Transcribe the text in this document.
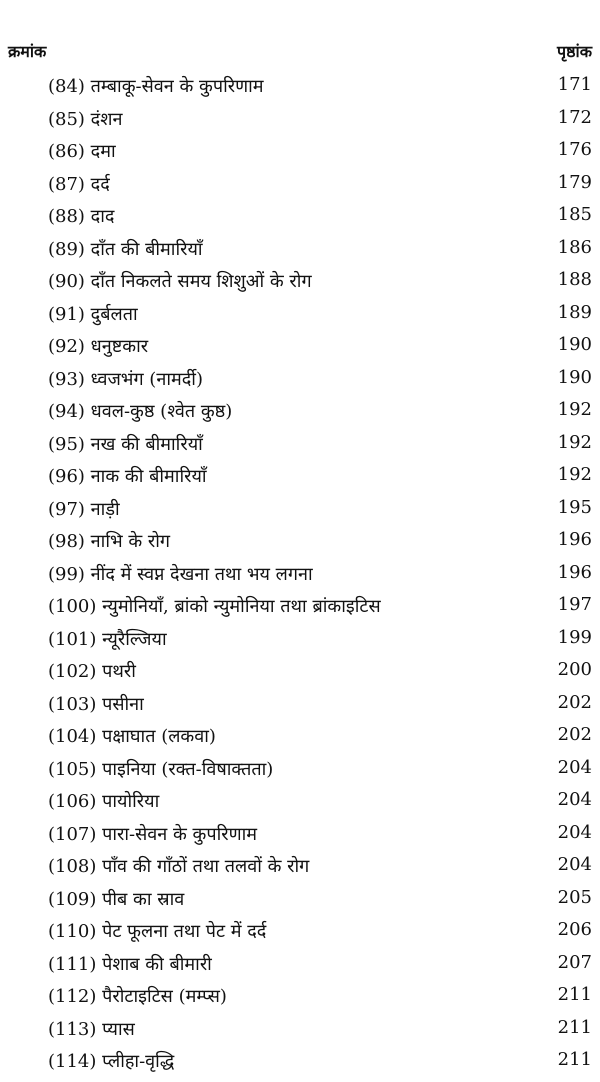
क्रमांक	पृष्ठांक
(84) तम्बाकू-सेवन के कुपरिणाम	171
(85) दंशन	172
(86) दमा	176
(87) दर्द	179
(88) दाद	185
(89) दाँत की बीमारियाँ	186
(90) दाँत निकलते समय शिशुओं के रोग	188
(91) दुर्बलता	189
(92) धनुष्टकार	190
(93) ध्वजभंग (नामर्दी)	190
(94) धवल-कुष्ठ (श्वेत कुष्ठ)	192
(95) नख की बीमारियाँ	192
(96) नाक की बीमारियाँ	192
(97) नाड़ी	195
(98) नाभि के रोग	196
(99) नींद में स्वप्न देखना तथा भय लगना	196
(100) न्युमोनियाँ, ब्रांको न्युमोनिया तथा ब्रांकाइटिस	197
(101) न्यूरैल्जिया	199
(102) पथरी	200
(103) पसीना	202
(104) पक्षाघात (लकवा)	202
(105) पाइनिया (रक्त-विषाक्तता)	204
(106) पायोरिया	204
(107) पारा-सेवन के कुपरिणाम	204
(108) पाँव की गाँठों तथा तलवों के रोग	204
(109) पीब का स्राव	205
(110) पेट फूलना तथा पेट में दर्द	206
(111) पेशाब की बीमारी	207
(112) पैरोटाइटिस (मम्प्स)	211
(113) प्यास	211
(114) प्लीहा-वृद्धि	211
